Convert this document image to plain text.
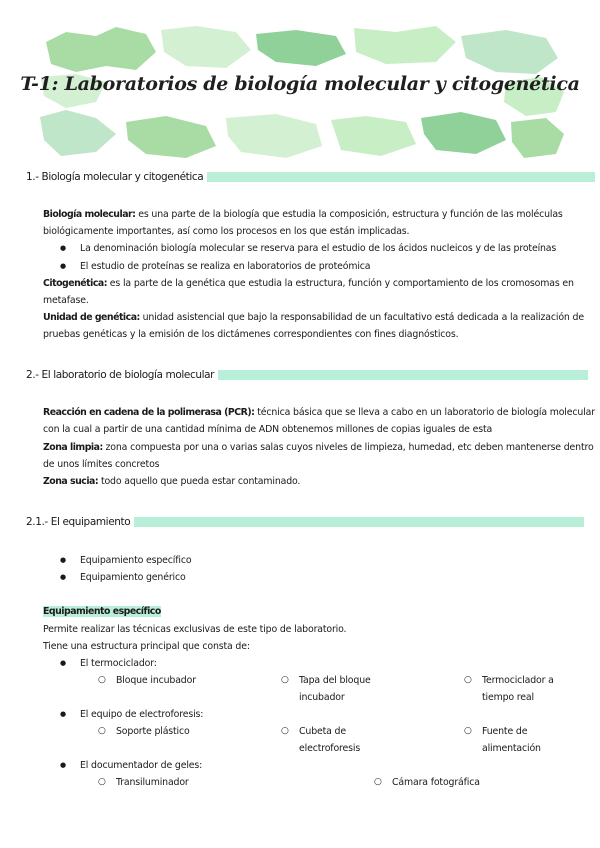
T-1: Laboratorios de biología molecular y citogenética
1.- Biología molecular y citogenética
Biología molecular: es una parte de la biología que estudia la composición, estructura y función de las moléculas
biológicamente importantes, así como los procesos en los que están implicadas.
● La denominación biología molecular se reserva para el estudio de los ácidos nucleicos y de las proteínas
● El estudio de proteínas se realiza en laboratorios de proteómica
Citogenética: es la parte de la genética que estudia la estructura, función y comportamiento de los cromosomas en
metafase.
Unidad de genética: unidad asistencial que bajo la responsabilidad de un facultativo está dedicada a la realización de
pruebas genéticas y la emisión de los dictámenes correspondientes con fines diagnósticos.
2.- El laboratorio de biología molecular
Reacción en cadena de la polimerasa (PCR): técnica básica que se lleva a cabo en un laboratorio de biología molecular
con la cual a partir de una cantidad mínima de ADN obtenemos millones de copias iguales de esta
Zona limpia: zona compuesta por una o varias salas cuyos niveles de limpieza, humedad, etc deben mantenerse dentro
de unos límites concretos
Zona sucia: todo aquello que pueda estar contaminado.
2.1.- El equipamiento
● Equipamiento específico
● Equipamiento genérico
Equipamiento específico
Permite realizar las técnicas exclusivas de este tipo de laboratorio.
Tiene una estructura principal que consta de:
● El termociclador:
○ Bloque incubador	○ Tapa del bloque incubador
○ Termociclador a tiempo real
● El equipo de electroforesis:
○ Soporte plástico	○ Cubeta de electroforesis
○ Fuente de alimentación
● El documentador de geles:
○ Transiluminador	○ Cámara fotográfica
